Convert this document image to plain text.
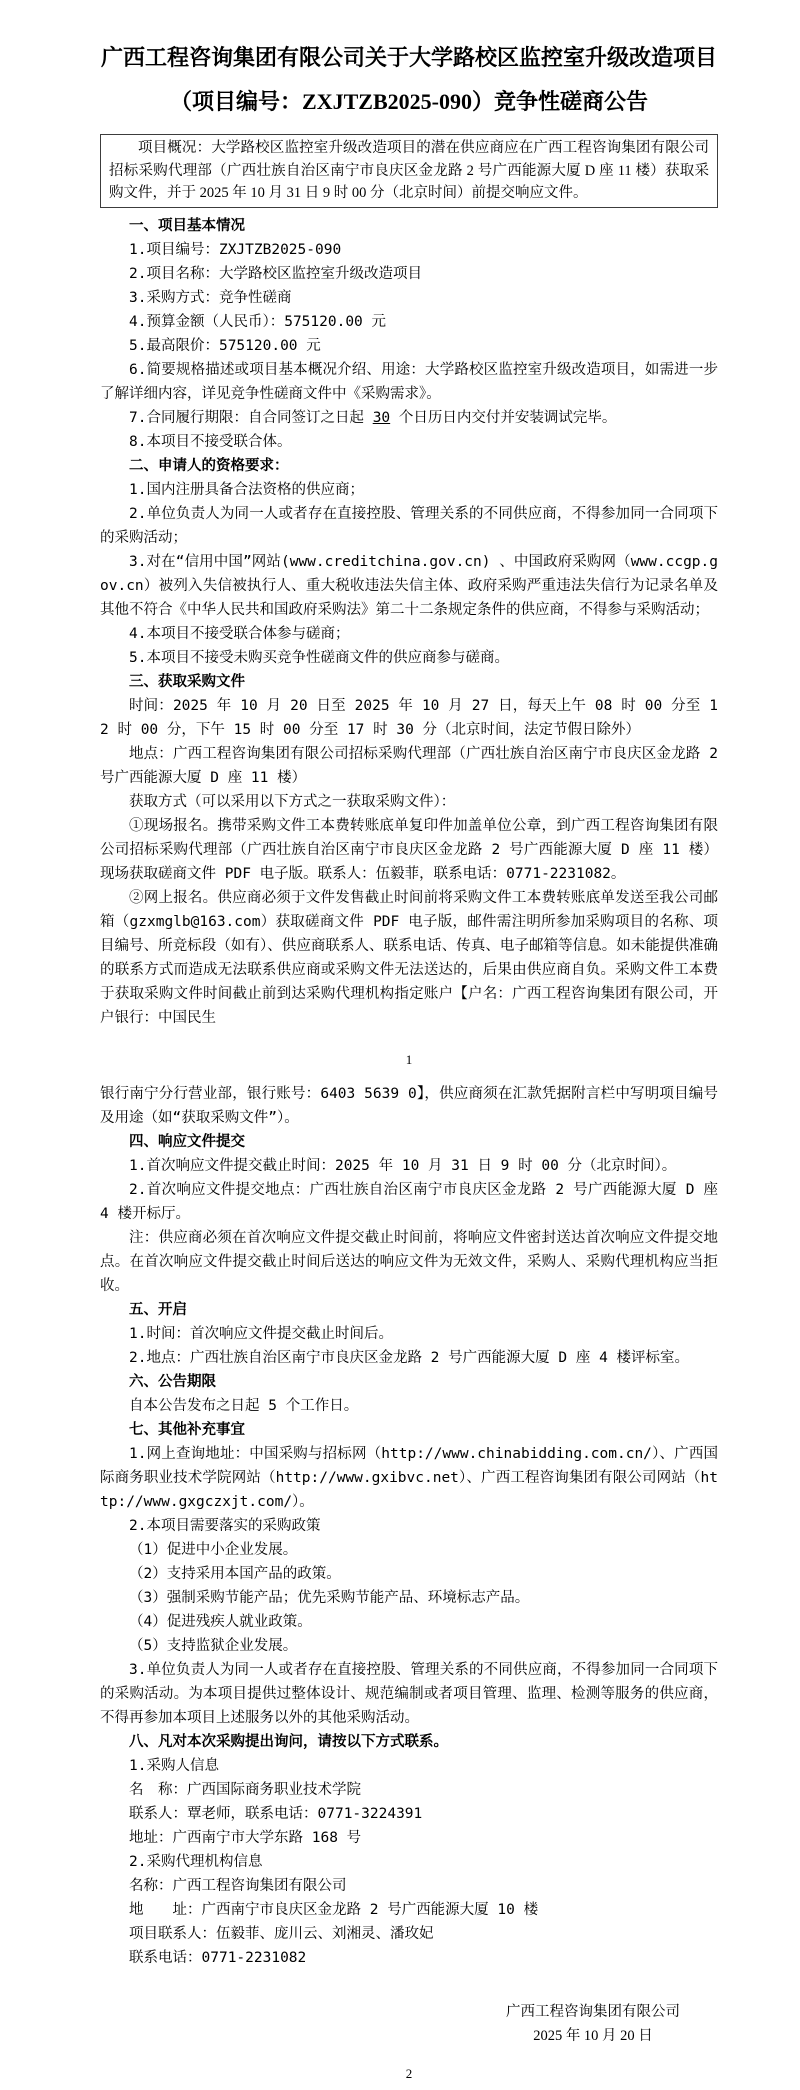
广西工程咨询集团有限公司关于大学路校区监控室升级改造项目
（项目编号：ZXJTZB2025-090）竞争性磋商公告

项目概况：大学路校区监控室升级改造项目的潜在供应商应在广西工程咨询集团有限公司招标采购代理部（广西壮族自治区南宁市良庆区金龙路 2 号广西能源大厦 D 座 11 楼）获取采购文件，并于 2025 年 10 月 31 日 9 时 00 分（北京时间）前提交响应文件。

一、项目基本情况

1.项目编号：ZXJTZB2025-090

2.项目名称：大学路校区监控室升级改造项目

3.采购方式：竞争性磋商

4.预算金额（人民币）：575120.00 元

5.最高限价：575120.00 元

6.简要规格描述或项目基本概况介绍、用途：大学路校区监控室升级改造项目，如需进一步了解详细内容，详见竞争性磋商文件中《采购需求》。

7.合同履行期限：自合同签订之日起 30 个日历日内交付并安装调试完毕。

8.本项目不接受联合体。

二、申请人的资格要求：

1.国内注册具备合法资格的供应商；

2.单位负责人为同一人或者存在直接控股、管理关系的不同供应商，不得参加同一合同项下的采购活动；

3.对在“信用中国”网站(www.creditchina.gov.cn) 、中国政府采购网（www.ccgp.gov.cn）被列入失信被执行人、重大税收违法失信主体、政府采购严重违法失信行为记录名单及其他不符合《中华人民共和国政府采购法》第二十二条规定条件的供应商，不得参与采购活动；

4.本项目不接受联合体参与磋商；

5.本项目不接受未购买竞争性磋商文件的供应商参与磋商。

三、获取采购文件

时间：2025 年 10 月 20 日至 2025 年 10 月 27 日，每天上午 08 时 00 分至 12 时 00 分，下午 15 时 00 分至 17 时 30 分（北京时间，法定节假日除外）

地点：广西工程咨询集团有限公司招标采购代理部（广西壮族自治区南宁市良庆区金龙路 2 号广西能源大厦 D 座 11 楼）

获取方式（可以采用以下方式之一获取采购文件）：

①现场报名。携带采购文件工本费转账底单复印件加盖单位公章，到广西工程咨询集团有限公司招标采购代理部（广西壮族自治区南宁市良庆区金龙路 2 号广西能源大厦 D 座 11 楼）现场获取磋商文件 PDF 电子版。联系人：伍毅菲，联系电话：0771-2231082。

②网上报名。供应商必须于文件发售截止时间前将采购文件工本费转账底单发送至我公司邮箱（gzxmglb@163.com）获取磋商文件 PDF 电子版，邮件需注明所参加采购项目的名称、项目编号、所竞标段（如有）、供应商联系人、联系电话、传真、电子邮箱等信息。如未能提供准确的联系方式而造成无法联系供应商或采购文件无法送达的，后果由供应商自负。采购文件工本费于获取采购文件时间截止前到达采购代理机构指定账户【户名：广西工程咨询集团有限公司，开户银行：中国民生

1

银行南宁分行营业部，银行账号：6403 5639 0】，供应商须在汇款凭据附言栏中写明项目编号及用途（如“获取采购文件”）。

四、响应文件提交

1.首次响应文件提交截止时间：2025 年 10 月 31 日 9 时 00 分（北京时间）。

2.首次响应文件提交地点：广西壮族自治区南宁市良庆区金龙路 2 号广西能源大厦 D 座 4 楼开标厅。

注：供应商必须在首次响应文件提交截止时间前，将响应文件密封送达首次响应文件提交地点。在首次响应文件提交截止时间后送达的响应文件为无效文件，采购人、采购代理机构应当拒收。

五、开启

1.时间：首次响应文件提交截止时间后。

2.地点：广西壮族自治区南宁市良庆区金龙路 2 号广西能源大厦 D 座 4 楼评标室。

六、公告期限

自本公告发布之日起 5 个工作日。

七、其他补充事宜

1.网上查询地址：中国采购与招标网（http://www.chinabidding.com.cn/）、广西国际商务职业技术学院网站（http://www.gxibvc.net）、广西工程咨询集团有限公司网站（http://www.gxgczxjt.com/）。

2.本项目需要落实的采购政策

（1）促进中小企业发展。

（2）支持采用本国产品的政策。

（3）强制采购节能产品；优先采购节能产品、环境标志产品。

（4）促进残疾人就业政策。

（5）支持监狱企业发展。

3.单位负责人为同一人或者存在直接控股、管理关系的不同供应商，不得参加同一合同项下的采购活动。为本项目提供过整体设计、规范编制或者项目管理、监理、检测等服务的供应商，不得再参加本项目上述服务以外的其他采购活动。

八、凡对本次采购提出询问，请按以下方式联系。

1.采购人信息

名　称：广西国际商务职业技术学院

联系人：覃老师，联系电话：0771-3224391

地址：广西南宁市大学东路 168 号

2.采购代理机构信息

名称：广西工程咨询集团有限公司

地　　址：广西南宁市良庆区金龙路 2 号广西能源大厦 10 楼

项目联系人：伍毅菲、庞川云、刘湘灵、潘玫妃

联系电话：0771-2231082

广西工程咨询集团有限公司
2025 年 10 月 20 日

2
